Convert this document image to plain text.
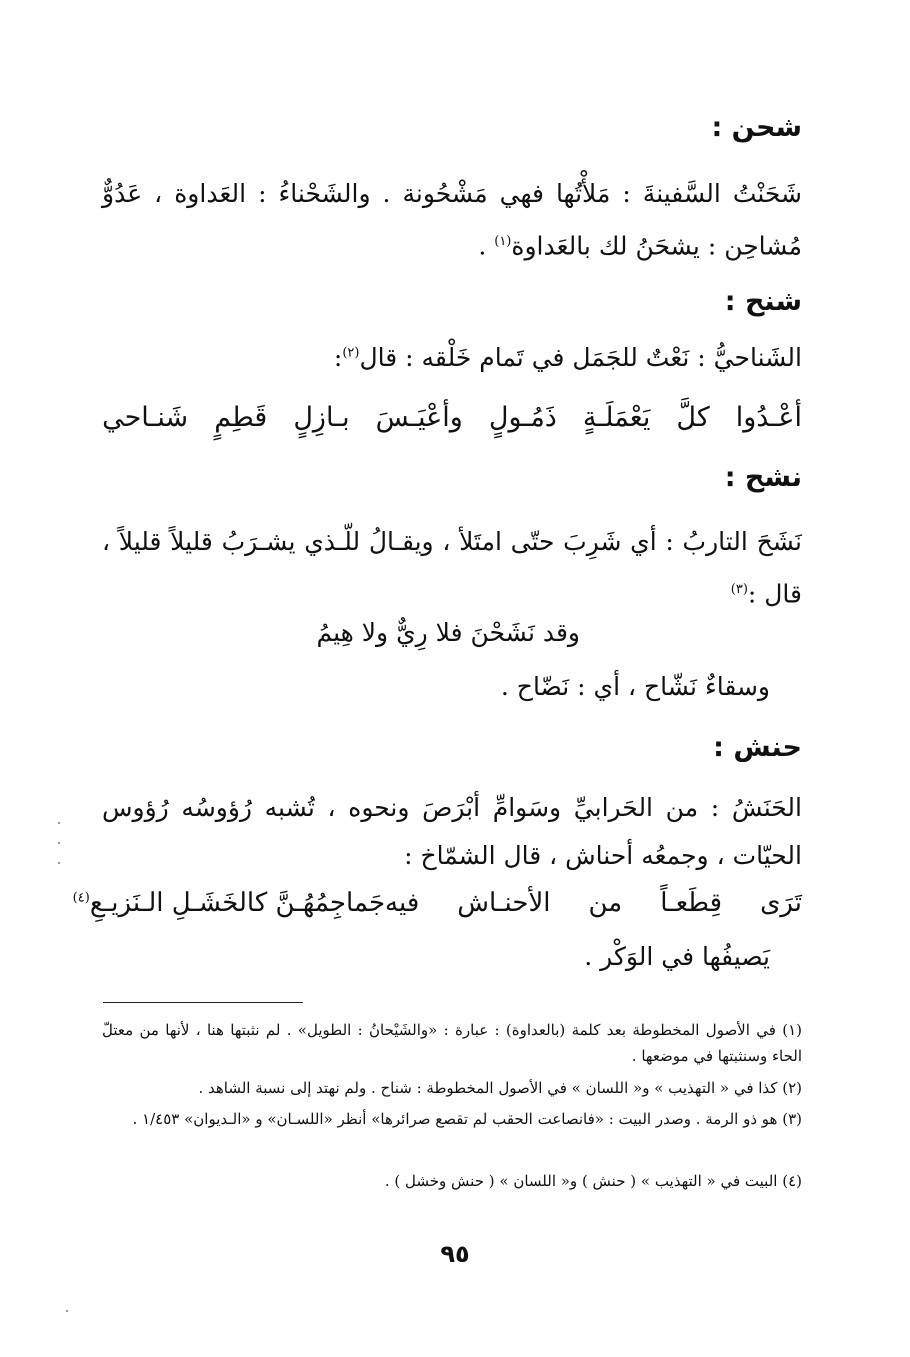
شحن :
شَحَنْتُ السَّفينةَ : مَلأْتُها فهي مَشْحُونة . والشَحْناءُ : العَداوة ، عَدُوٌّ مُشاحِن : يشحَنُ لك بالعَداوة$^{(١)}$ .
شنح :
الشَناحيُّ : نَعْتٌ للجَمَل في تَمام خَلْقه : قال$^{(٢)}$:
أعْـدُوا
كلَّ
يَعْمَلَـةٍ
ذَمُـولٍ
وأعْيَـسَ
بـازِلٍ
قَطِمٍ
شَنـاحي
نشح :
نَشَحَ التاربُ : أي شَرِبَ حتّى امتَلأ ، ويقـالُ للّـذي يشـرَبُ قليلاً قليلاً ، قال :$^{(٣)}$
وقد نَشَحْنَ فلا رِيٌّ ولا هِيمُ
وسقاءٌ نَشّاح ، أي : نَضّاح .
حنش :
الحَنَشُ : من الحَرابيِّ وسَوامِّ أبْرَصَ ونحوه ، تُشبه رُؤوسُه رُؤوس الحيّات ، وجمعُه أحناش ، قال الشمّاخ :
تَرَى
قِطَعـاً
من
الأحنـاش
فيه
جَماجِمُهُـنَّ كالخَشَـلِ الـنَزيـعِ$^{(٤)}$
يَصيفُها في الوَكْر .
(١) في الأصول المخطوطة بعد كلمة (بالعداوة) : عبارة : «والشَيْحانُ : الطويل» . لم نثبتها هنا ، لأنها من معتلّ الحاء وسنثبتها في موضعها .
(٢) كذا في « التهذيب » و« اللسان » في الأصول المخطوطة : شناح . ولم نهتد إلى نسبة الشاهد .
(٣) هو ذو الرمة . وصدر البيت : «فانصاعت الحقب لم تقصع صرائرها» أنظر «اللسـان» و «الـديوان» ١/٤٥٣ .
(٤) البيت في « التهذيب » ( حنش ) و« اللسان » ( حنش وخشل ) .
٩٥
